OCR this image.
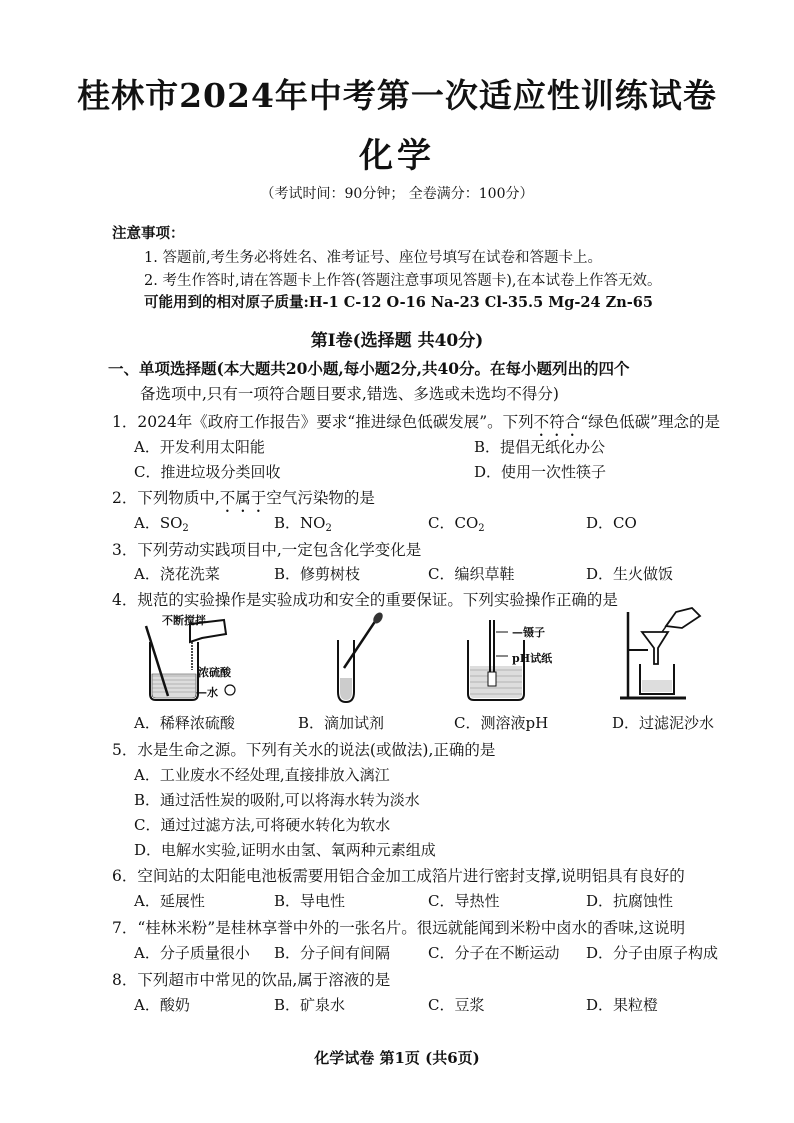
桂林市2024年中考第一次适应性训练试卷
化学
（考试时间：90分钟； 全卷满分：100分）
注意事项：
1. 答题前,考生务必将姓名、准考证号、座位号填写在试卷和答题卡上。
2. 考生作答时,请在答题卡上作答(答题注意事项见答题卡),在本试卷上作答无效。
可能用到的相对原子质量:H-1 C-12 O-16 Na-23 Cl-35.5 Mg-24 Zn-65
第Ⅰ卷(选择题 共40分)
一、单项选择题(本大题共20小题,每小题2分,共40分。在每小题列出的四个
备选项中,只有一项符合题目要求,错选、多选或未选均不得分)
1．2024年《政府工作报告》要求“推进绿色低碳发展”。下列不符合“绿色低碳”理念的是
A．开发利用太阳能	B．提倡无纸化办公
C．推进垃圾分类回收	D．使用一次性筷子
2．下列物质中,不属于空气污染物的是
A．$SO_2$	B．$NO_2$	C．$CO_2$	D．CO
3．下列劳动实践项目中,一定包含化学变化是
A．浇花洗菜	B．修剪树枝	C．编织草鞋	D．生火做饭
4．规范的实验操作是实验成功和安全的重要保证。下列实验操作正确的是
不断搅拌
浓硫酸
—水
—镊子
pH试纸
A．稀释浓硫酸	B．滴加试剂	C．测溶液pH	D．过滤泥沙水
5．水是生命之源。下列有关水的说法(或做法),正确的是
A．工业废水不经处理,直接排放入漓江
B．通过活性炭的吸附,可以将海水转为淡水
C．通过过滤方法,可将硬水转化为软水
D．电解水实验,证明水由氢、氧两种元素组成
6．空间站的太阳能电池板需要用铝合金加工成箔片进行密封支撑,说明铝具有良好的
A．延展性	B．导电性	C．导热性	D．抗腐蚀性
7．“桂林米粉”是桂林享誉中外的一张名片。很远就能闻到米粉中卤水的香味,这说明
A．分子质量很小 B．分子间有间隔	C．分子在不断运动 D．分子由原子构成
8．下列超市中常见的饮品,属于溶液的是
A．酸奶	B．矿泉水	C．豆浆	D．果粒橙
化学试卷 第1页 (共6页)
